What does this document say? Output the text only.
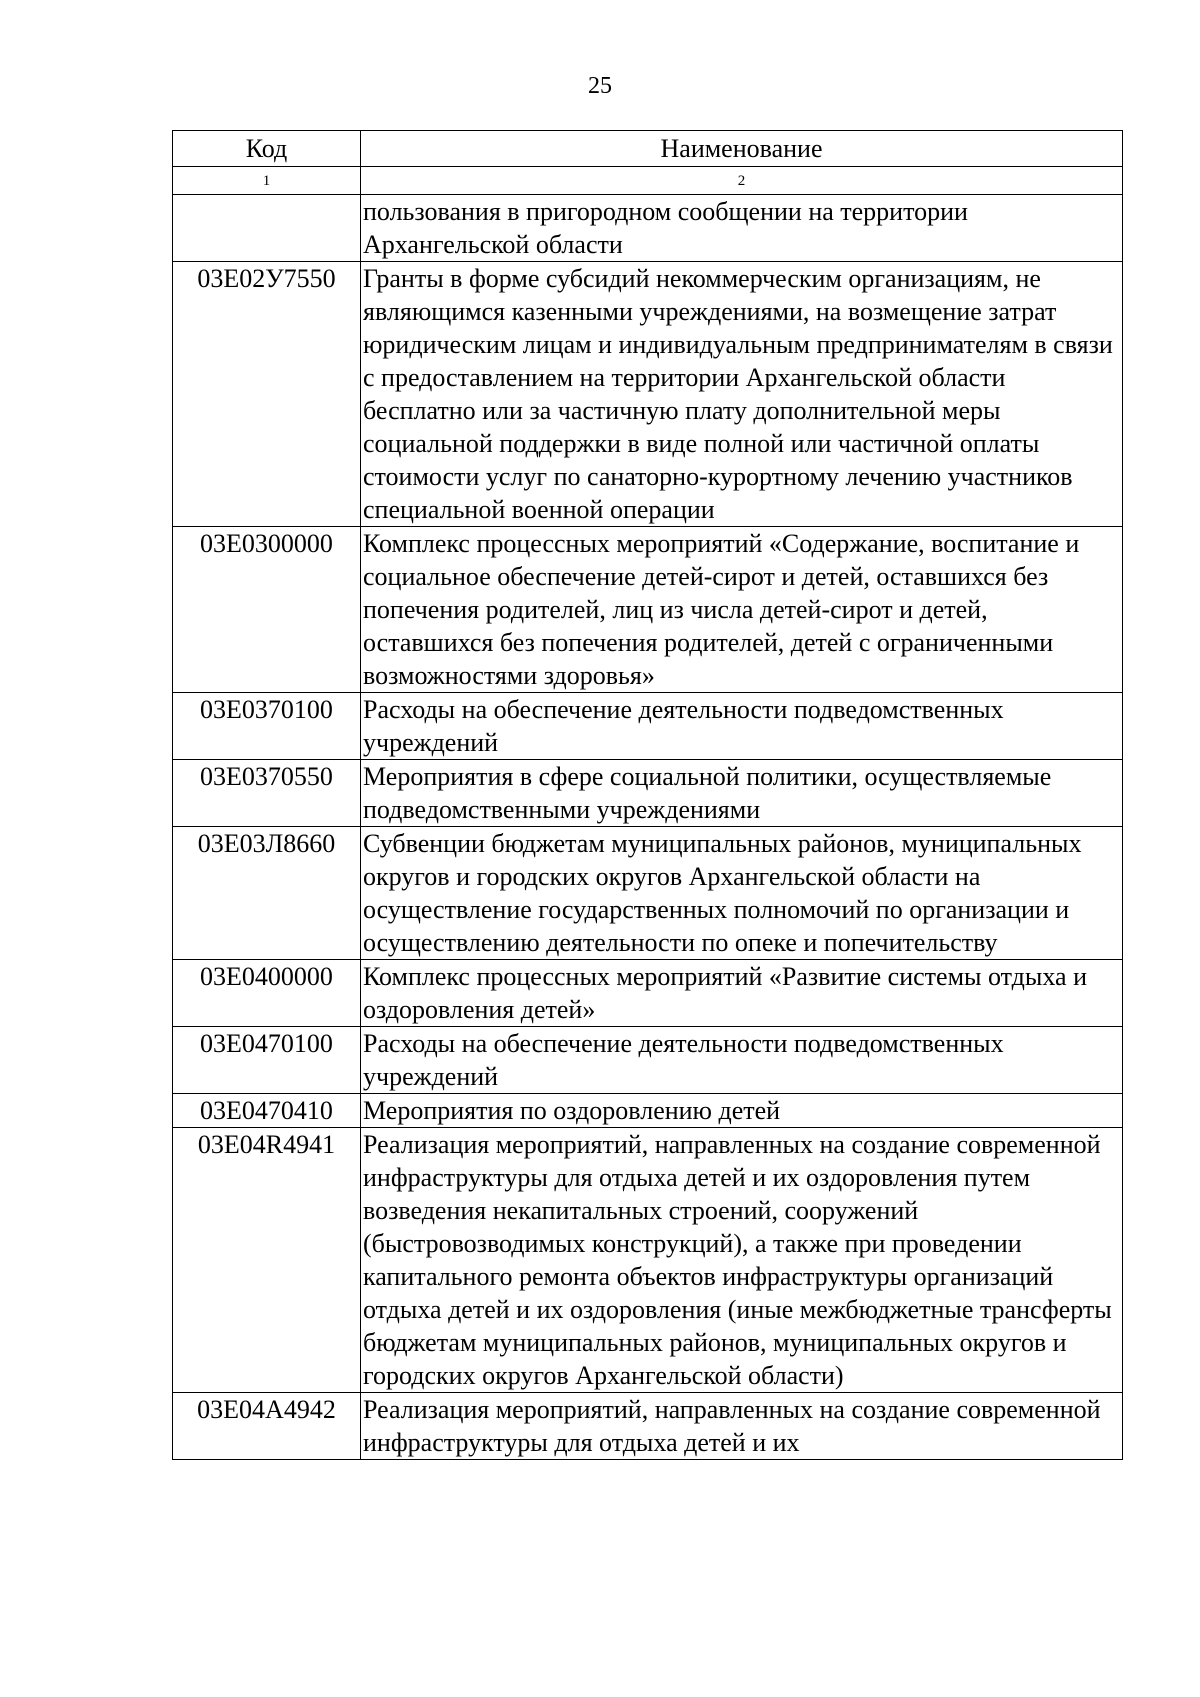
25
Код	Наименование
1	2
	пользования в пригородном сообщении на территории Архангельской области
03Е02У7550	Гранты в форме субсидий некоммерческим организациям, не являющимся казенными учреждениями, на возмещение затрат юридическим лицам и индивидуальным предпринимателям в связи с предоставлением на территории Архангельской области бесплатно или за частичную плату дополнительной меры социальной поддержки в виде полной или частичной оплаты стоимости услуг по санаторно-курортному лечению участников специальной военной операции
03Е0300000	Комплекс процессных мероприятий «Содержание, воспитание и социальное обеспечение детей-сирот и детей, оставшихся без попечения родителей, лиц из числа детей-сирот и детей, оставшихся без попечения родителей, детей с ограниченными возможностями здоровья»
03Е0370100	Расходы на обеспечение деятельности подведомственных учреждений
03Е0370550	Мероприятия в сфере социальной политики, осуществляемые подведомственными учреждениями
03Е03Л8660	Субвенции бюджетам муниципальных районов, муниципальных округов и городских округов Архангельской области на осуществление государственных полномочий по организации и осуществлению деятельности по опеке и попечительству
03Е0400000	Комплекс процессных мероприятий «Развитие системы отдыха и оздоровления детей»
03Е0470100	Расходы на обеспечение деятельности подведомственных учреждений
03Е0470410	Мероприятия по оздоровлению детей
03Е04R4941	Реализация мероприятий, направленных на создание современной инфраструктуры для отдыха детей и их оздоровления путем возведения некапитальных строений, сооружений (быстровозводимых конструкций), а также при проведении капитального ремонта объектов инфраструктуры организаций отдыха детей и их оздоровления (иные межбюджетные трансферты бюджетам муниципальных районов, муниципальных округов и городских округов Архангельской области)
03Е04А4942	Реализация мероприятий, направленных на создание современной инфраструктуры для отдыха детей и их
